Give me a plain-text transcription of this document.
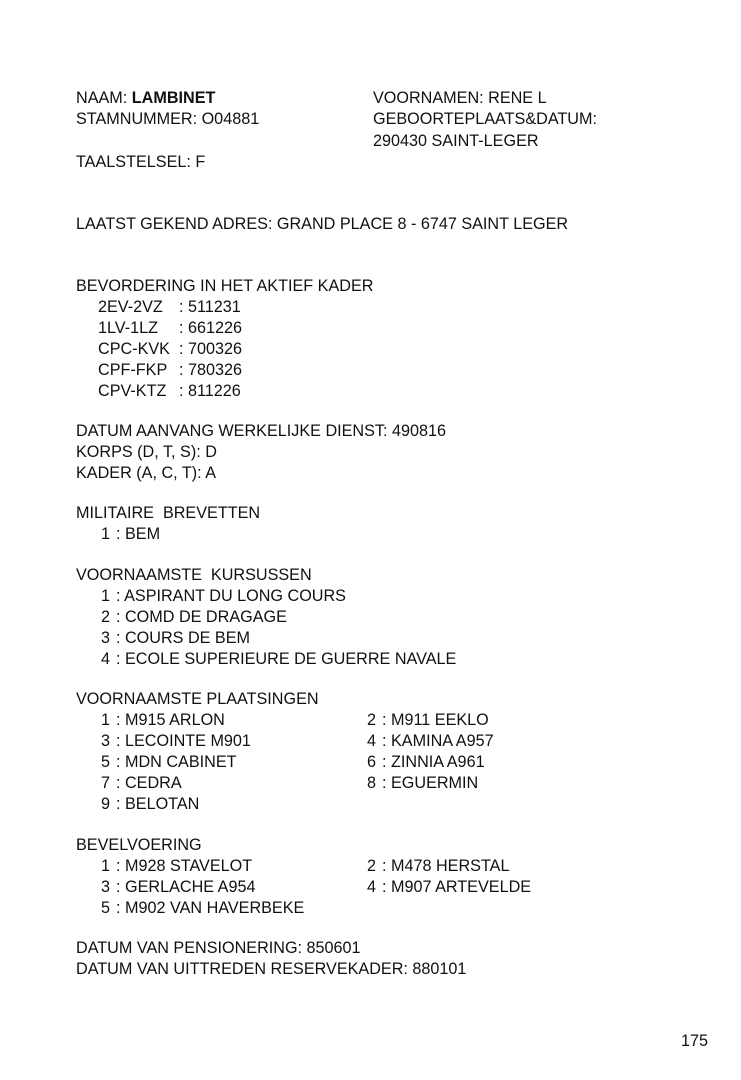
NAAM: LAMBINET
STAMNUMMER: O04881
VOORNAMEN: RENE L
GEBOORTEPLAATS&DATUM:
290430 SAINT-LEGER
TAALSTELSEL: F
LAATST GEKEND ADRES: GRAND PLACE 8 - 6747 SAINT LEGER
BEVORDERING IN HET AKTIEF KADER
2EV-2VZ	: 511231
1LV-1LZ	: 661226
CPC-KVK : 700326
CPF-FKP : 780326
CPV-KTZ : 811226
DATUM AANVANG WERKELIJKE DIENST: 490816
KORPS (D, T, S): D
KADER (A, C, T): A
MILITAIRE  BREVETTEN
1 : BEM
VOORNAAMSTE  KURSUSSEN
1 : ASPIRANT DU LONG COURS
2 : COMD DE DRAGAGE
3 : COURS DE BEM
4 : ECOLE SUPERIEURE DE GUERRE NAVALE
VOORNAAMSTE PLAATSINGEN
1 : M915 ARLON
3 : LECOINTE M901
5 : MDN CABINET
7 : CEDRA
9 : BELOTAN
2 : M911 EEKLO
4 : KAMINA A957
6 : ZINNIA A961
8 : EGUERMIN
BEVELVOERING
1 : M928 STAVELOT
3 : GERLACHE A954
5 : M902 VAN HAVERBEKE
2 : M478 HERSTAL
4 : M907 ARTEVELDE
DATUM VAN PENSIONERING: 850601
DATUM VAN UITTREDEN RESERVEKADER: 880101
175
